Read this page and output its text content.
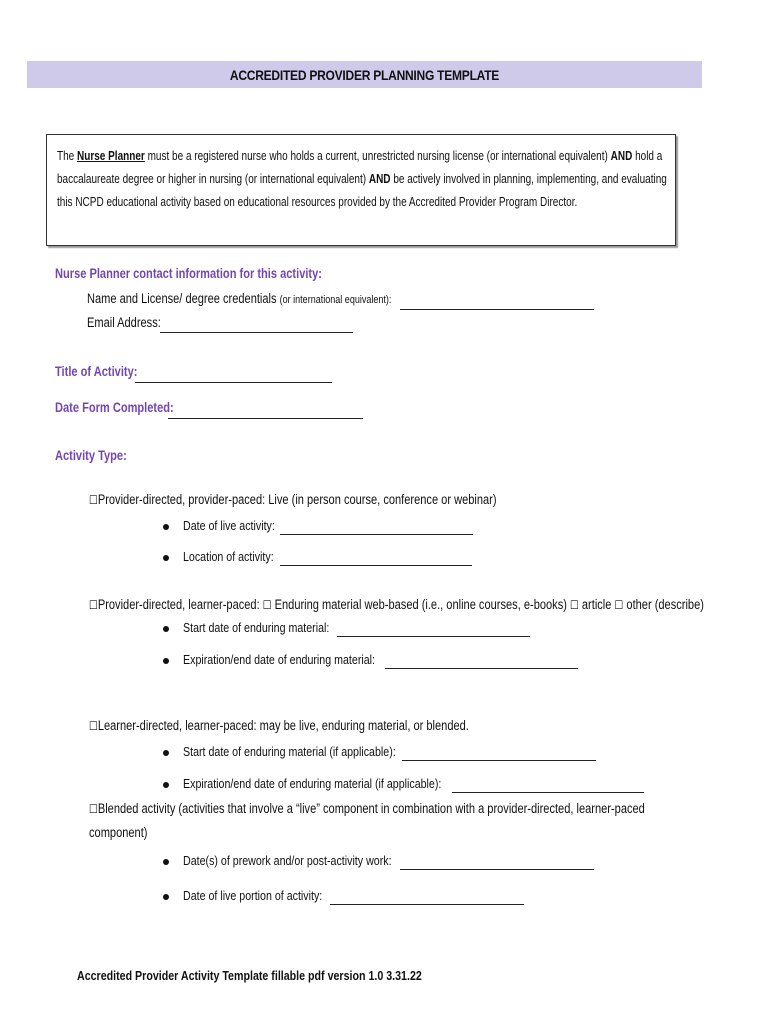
ACCREDITED PROVIDER PLANNING TEMPLATE
The Nurse Planner must be a registered nurse who holds a current, unrestricted nursing license (or international equivalent) AND hold a
baccalaureate degree or higher in nursing (or international equivalent) AND be actively involved in planning, implementing, and evaluating
this NCPD educational activity based on educational resources provided by the Accredited Provider Program Director.
Nurse Planner contact information for this activity:
Name and License/ degree credentials (or international equivalent):
Email Address:
Title of Activity:
Date Form Completed:
Activity Type:
☐Provider-directed, provider-paced: Live (in person course, conference or webinar)
Date of live activity:
Location of activity:
☐Provider-directed, learner-paced: ☐ Enduring material web-based (i.e., online courses, e-books) ☐ article ☐ other (describe)
Start date of enduring material:
Expiration/end date of enduring material:
☐Learner-directed, learner-paced: may be live, enduring material, or blended.
Start date of enduring material (if applicable):
Expiration/end date of enduring material (if applicable):
☐Blended activity (activities that involve a “live” component in combination with a provider-directed, learner-paced
component)
Date(s) of prework and/or post-activity work:
Date of live portion of activity:
Accredited Provider Activity Template fillable pdf version 1.0 3.31.22
